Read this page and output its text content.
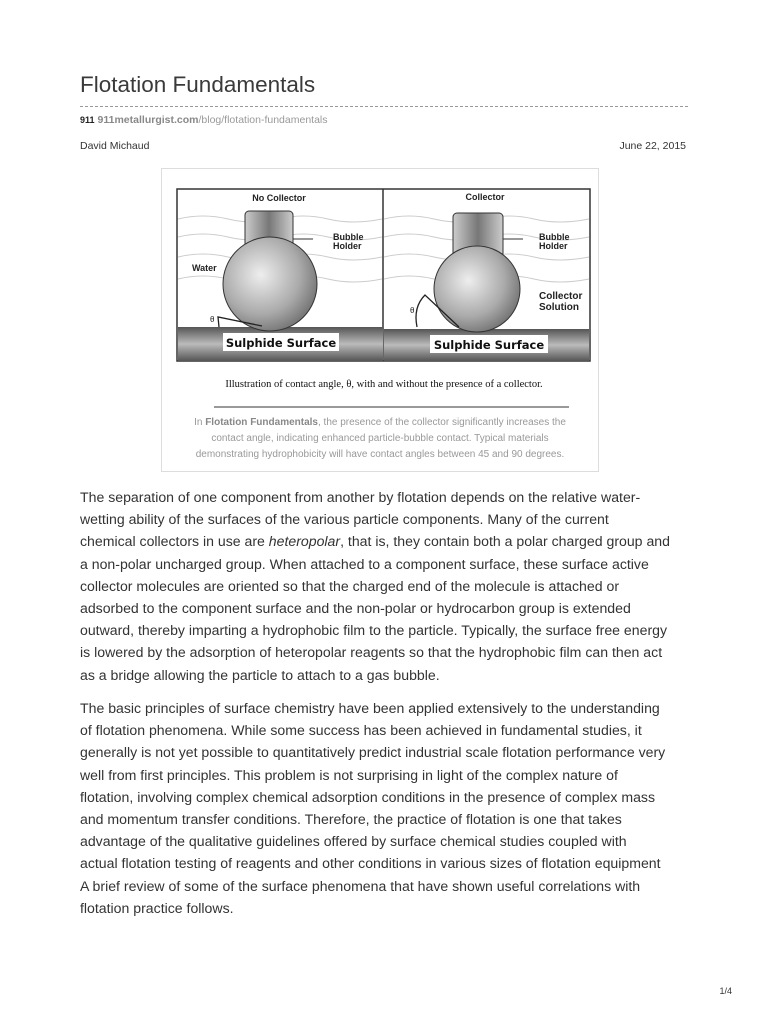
Flotation Fundamentals
911 911metallurgist.com/blog/flotation-fundamentals
David Michaud	June 22, 2015
No Collector	Collector
Bubble
Holder
Bubble
Holder
Water
Collector
Solution
θ
θ
Sulphide Surface	Sulphide Surface
Illustration of contact angle, θ, with and without the presence of a collector.
In Flotation Fundamentals, the presence of the collector significantly increases the
contact angle, indicating enhanced particle-bubble contact. Typical materials
demonstrating hydrophobicity will have contact angles between 45 and 90 degrees.
The separation of one component from another by flotation depends on the relative water-
wetting ability of the surfaces of the various particle components. Many of the current
chemical collectors in use are heteropolar, that is, they contain both a polar charged group and
a non-polar uncharged group. When attached to a component surface, these surface active
collector molecules are oriented so that the charged end of the molecule is attached or
adsorbed to the component surface and the non-polar or hydrocarbon group is extended
outward, thereby imparting a hydrophobic film to the particle. Typically, the surface free energy
is lowered by the adsorption of heteropolar reagents so that the hydrophobic film can then act
as a bridge allowing the particle to attach to a gas bubble.
The basic principles of surface chemistry have been applied extensively to the understanding
of flotation phenomena. While some success has been achieved in fundamental studies, it
generally is not yet possible to quantitatively predict industrial scale flotation performance very
well from first principles. This problem is not surprising in light of the complex nature of
flotation, involving complex chemical adsorption conditions in the presence of complex mass
and momentum transfer conditions. Therefore, the practice of flotation is one that takes
advantage of the qualitative guidelines offered by surface chemical studies coupled with
actual flotation testing of reagents and other conditions in various sizes of flotation equipment
A brief review of some of the surface phenomena that have shown useful correlations with
flotation practice follows.
1/4
